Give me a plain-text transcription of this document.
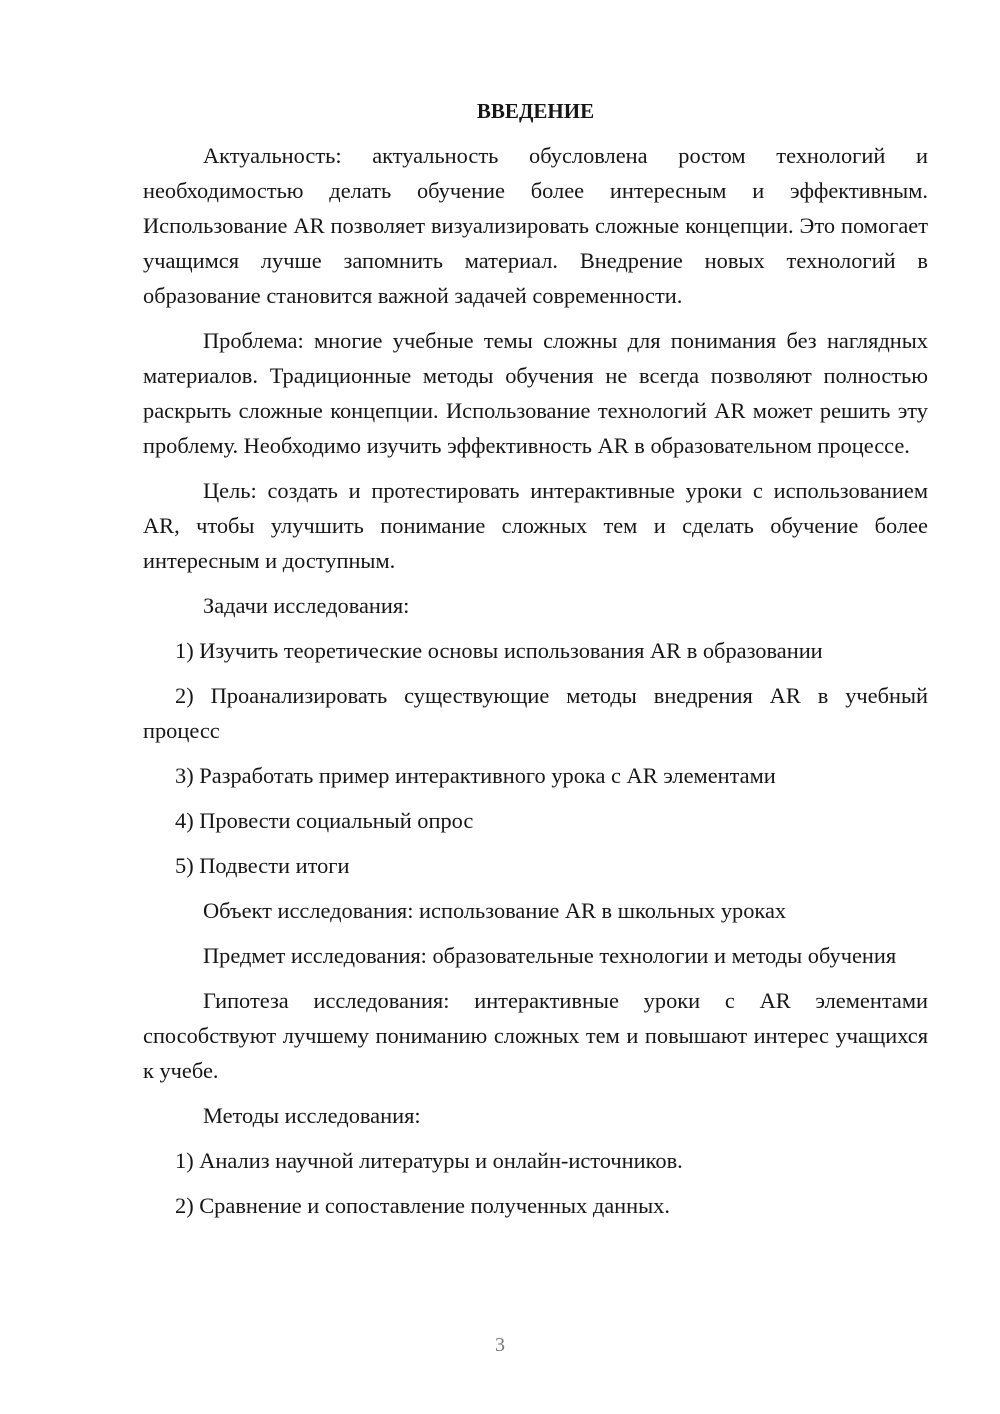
ВВЕДЕНИЕ

Актуальность: актуальность обусловлена ростом технологий и необходимостью делать обучение более интересным и эффективным. Использование AR позволяет визуализировать сложные концепции. Это помогает учащимся лучше запомнить материал. Внедрение новых технологий в образование становится важной задачей современности.

Проблема: многие учебные темы сложны для понимания без наглядных материалов. Традиционные методы обучения не всегда позволяют полностью раскрыть сложные концепции. Использование технологий AR может решить эту проблему. Необходимо изучить эффективность AR в образовательном процессе.

Цель: создать и протестировать интерактивные уроки с использованием AR, чтобы улучшить понимание сложных тем и сделать обучение более интересным и доступным.

Задачи исследования:

1) Изучить теоретические основы использования AR в образовании

2) Проанализировать существующие методы внедрения AR в учебный процесс

3) Разработать пример интерактивного урока с AR элементами

4) Провести социальный опрос

5) Подвести итоги

Объект исследования: использование AR в школьных уроках

Предмет исследования: образовательные технологии и методы обучения

Гипотеза исследования: интерактивные уроки с AR элементами способствуют лучшему пониманию сложных тем и повышают интерес учащихся к учебе.

Методы исследования:

1) Анализ научной литературы и онлайн-источников.

2) Сравнение и сопоставление полученных данных.

3
